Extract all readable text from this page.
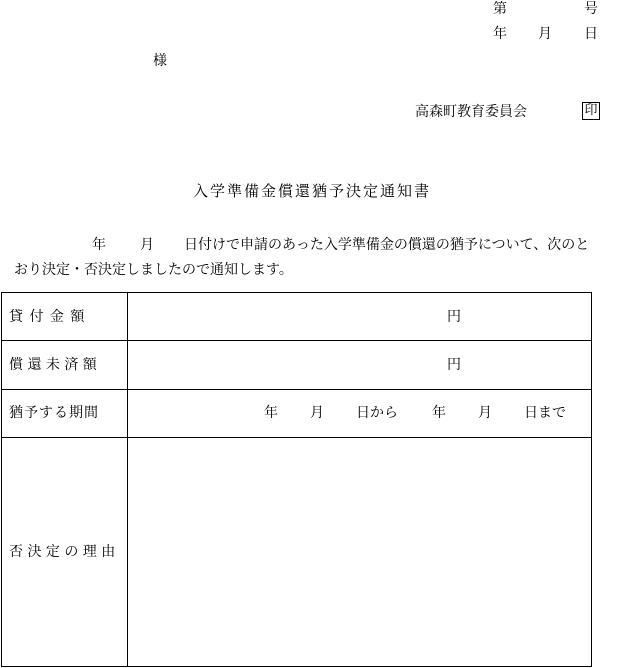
第	号
年 月 日
様
高森町教育委員会	印
入学準備金償還猶予決定通知書
年 月 日付けで申請のあった入学準備金の償還の猶予について、次のと
おり決定・否決定しましたので通知します。
貸 付 金 額	円
償 還 未 済 額	円
猶予する期間	年 月 日から 年 月 日まで
否 決 定 の 理 由
